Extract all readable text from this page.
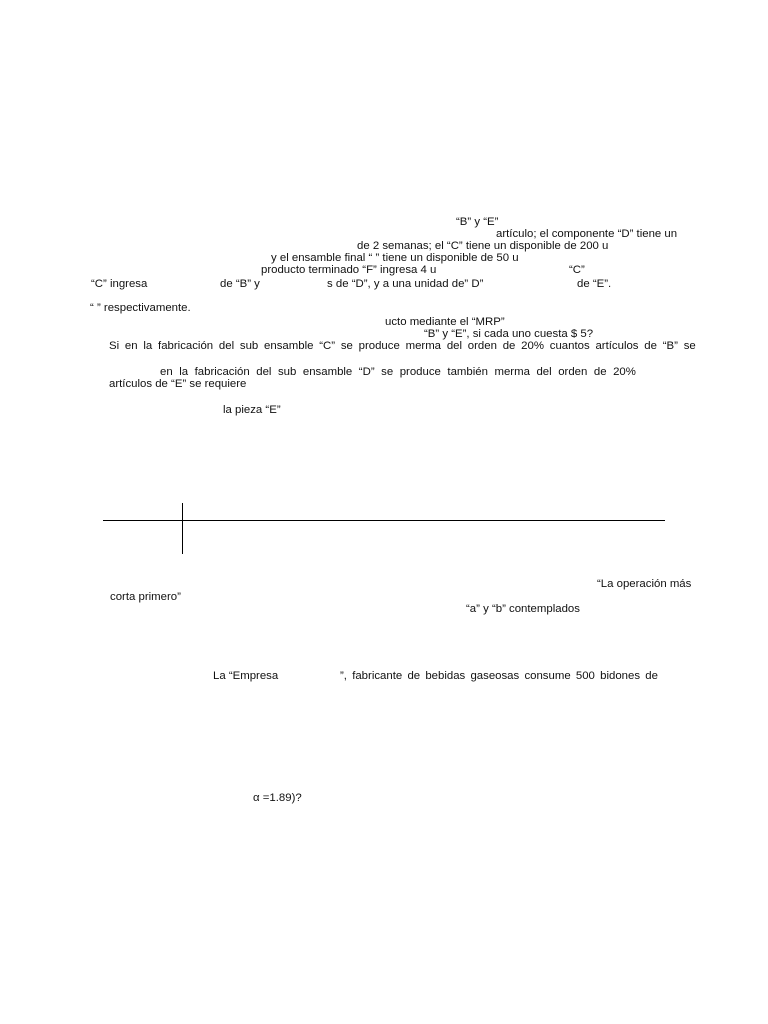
“B” y “E”
artículo; el componente “D” tiene un
de 2 semanas; el “C” tiene un disponible de 200 u
y el ensamble final “ ” tiene un disponible de 50 u
producto terminado “F” ingresa 4 u	“C”
“C” ingresa	de “B” y	s de “D”, y a una unidad de” D”	de “E”.
“ ” respectivamente.
ucto mediante el “MRP”
“B” y “E”, si cada uno cuesta $ 5?
Si en la fabricación del sub ensamble “C” se produce merma del orden de 20% cuantos artículos de “B” se
en la fabricación del sub ensamble “D” se produce también merma del orden de 20%
artículos de “E” se requiere
la pieza “E”
“La operación más
corta primero”
“a” y “b” contemplados
La “Empresa	”, fabricante de bebidas gaseosas consume 500 bidones de
α =1.89)?
